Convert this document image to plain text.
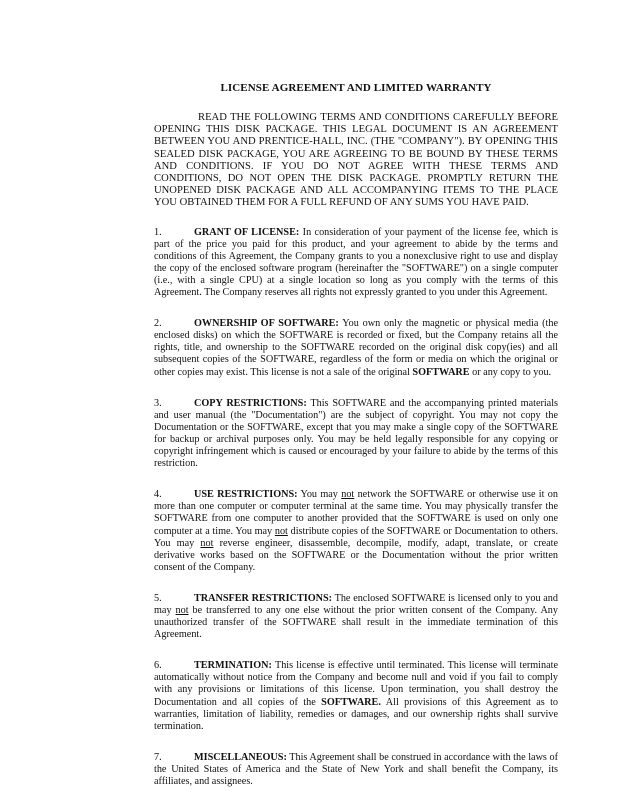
LICENSE AGREEMENT AND LIMITED WARRANTY
READ THE FOLLOWING TERMS AND CONDITIONS CAREFULLY BEFORE OPENING THIS DISK PACKAGE. THIS LEGAL DOCUMENT IS AN AGREEMENT BETWEEN YOU AND PRENTICE-HALL, INC. (THE "COMPANY"). BY OPENING THIS SEALED DISK PACKAGE, YOU ARE AGREEING TO BE BOUND BY THESE TERMS AND CONDITIONS. IF YOU DO NOT AGREE WITH THESE TERMS AND CONDITIONS, DO NOT OPEN THE DISK PACKAGE. PROMPTLY RETURN THE UNOPENED DISK PACKAGE AND ALL ACCOMPANYING ITEMS TO THE PLACE YOU OBTAINED THEM FOR A FULL REFUND OF ANY SUMS YOU HAVE PAID.
1.	GRANT OF LICENSE: In consideration of your payment of the license fee, which is part of the price you paid for this product, and your agreement to abide by the terms and conditions of this Agreement, the Company grants to you a nonexclusive right to use and display the copy of the enclosed software program (hereinafter the "SOFTWARE") on a single computer (i.e., with a single CPU) at a single location so long as you comply with the terms of this Agreement. The Company reserves all rights not expressly granted to you under this Agreement.
2.	OWNERSHIP OF SOFTWARE: You own only the magnetic or physical media (the enclosed disks) on which the SOFTWARE is recorded or fixed, but the Company retains all the rights, title, and ownership to the SOFTWARE recorded on the original disk copy(ies) and all subsequent copies of the SOFTWARE, regardless of the form or media on which the original or other copies may exist. This license is not a sale of the original SOFTWARE or any copy to you.
3.	COPY RESTRICTIONS: This SOFTWARE and the accompanying printed materials and user manual (the "Documentation") are the subject of copyright. You may not copy the Documentation or the SOFTWARE, except that you may make a single copy of the SOFTWARE for backup or archival purposes only. You may be held legally responsible for any copying or copyright infringement which is caused or encouraged by your failure to abide by the terms of this restriction.
4.	USE RESTRICTIONS: You may not network the SOFTWARE or otherwise use it on more than one computer or computer terminal at the same time. You may physically transfer the SOFTWARE from one computer to another provided that the SOFTWARE is used on only one computer at a time. You may not distribute copies of the SOFTWARE or Documentation to others. You may not reverse engineer, disassemble, decompile, modify, adapt, translate, or create derivative works based on the SOFTWARE or the Documentation without the prior written consent of the Company.
5.	TRANSFER RESTRICTIONS: The enclosed SOFTWARE is licensed only to you and may not be transferred to any one else without the prior written consent of the Company. Any unauthorized transfer of the SOFTWARE shall result in the immediate termination of this Agreement.
6.	TERMINATION: This license is effective until terminated. This license will terminate automatically without notice from the Company and become null and void if you fail to comply with any provisions or limitations of this license. Upon termination, you shall destroy the Documentation and all copies of the SOFTWARE. All provisions of this Agreement as to warranties, limitation of liability, remedies or damages, and our ownership rights shall survive termination.
7.	MISCELLANEOUS: This Agreement shall be construed in accordance with the laws of the United States of America and the State of New York and shall benefit the Company, its affiliates, and assignees.
